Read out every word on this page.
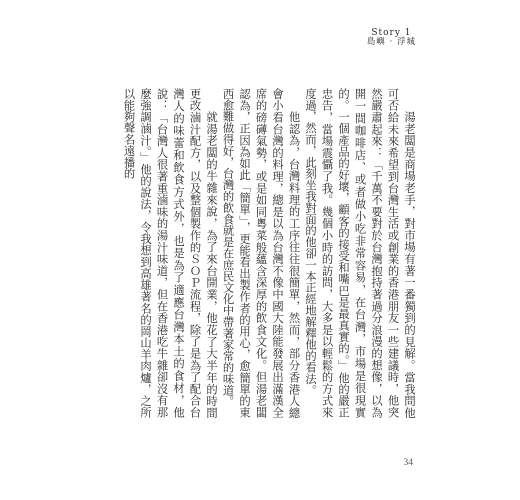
Story 1
島嶼 · 浮城

湯老闆是商場老手，對市場有著一番獨到的見解。當我問他可否給未來希望到台灣生活或創業的香港朋友一些建議時，他突然嚴肅起來：「千萬不要對於台灣抱持著過分浪漫的想像，以為開一間咖啡店、或者做小吃非常容易，在台灣，市場是很現實的。一個產品的好壞，顧客的接受和嘴巴是最真實的。」他的嚴正忠告，當場震懾了我。幾個小時的訪問，大多是以輕鬆的方式來度過，然而，此刻坐我對面的他卻一本正經地解釋他的看法。

他認為，台灣料理的工序往往很簡單，然而，部分香港人總會小看台灣的料理，總是以為台灣不像中國大陸能發展出滿漢全席的磅礡氣勢，或是如同粵菜般蘊含深厚的飲食文化。但湯老闆認為，正因為如此「簡單」，更能看出製作者的用心，愈簡單的東西愈難做得好，台灣的飲食就是在庶民文化中帶著家常的味道。

就湯老闆的牛雜來說，為了來台開業，他花了大半年的時間更改滷汁配方，以及整個製作的ＳＯＰ流程，除了是為了配合台灣人的味蕾和飲食方式外，也是為了適應台灣本土的食材，他說：「台灣人很著重滷味的湯汁味道，但在香港吃牛雜卻沒有那麼強調滷汁。」他的說法，令我想到高雄著名的岡山羊肉爐，之所以能夠聲名遠播的

34
